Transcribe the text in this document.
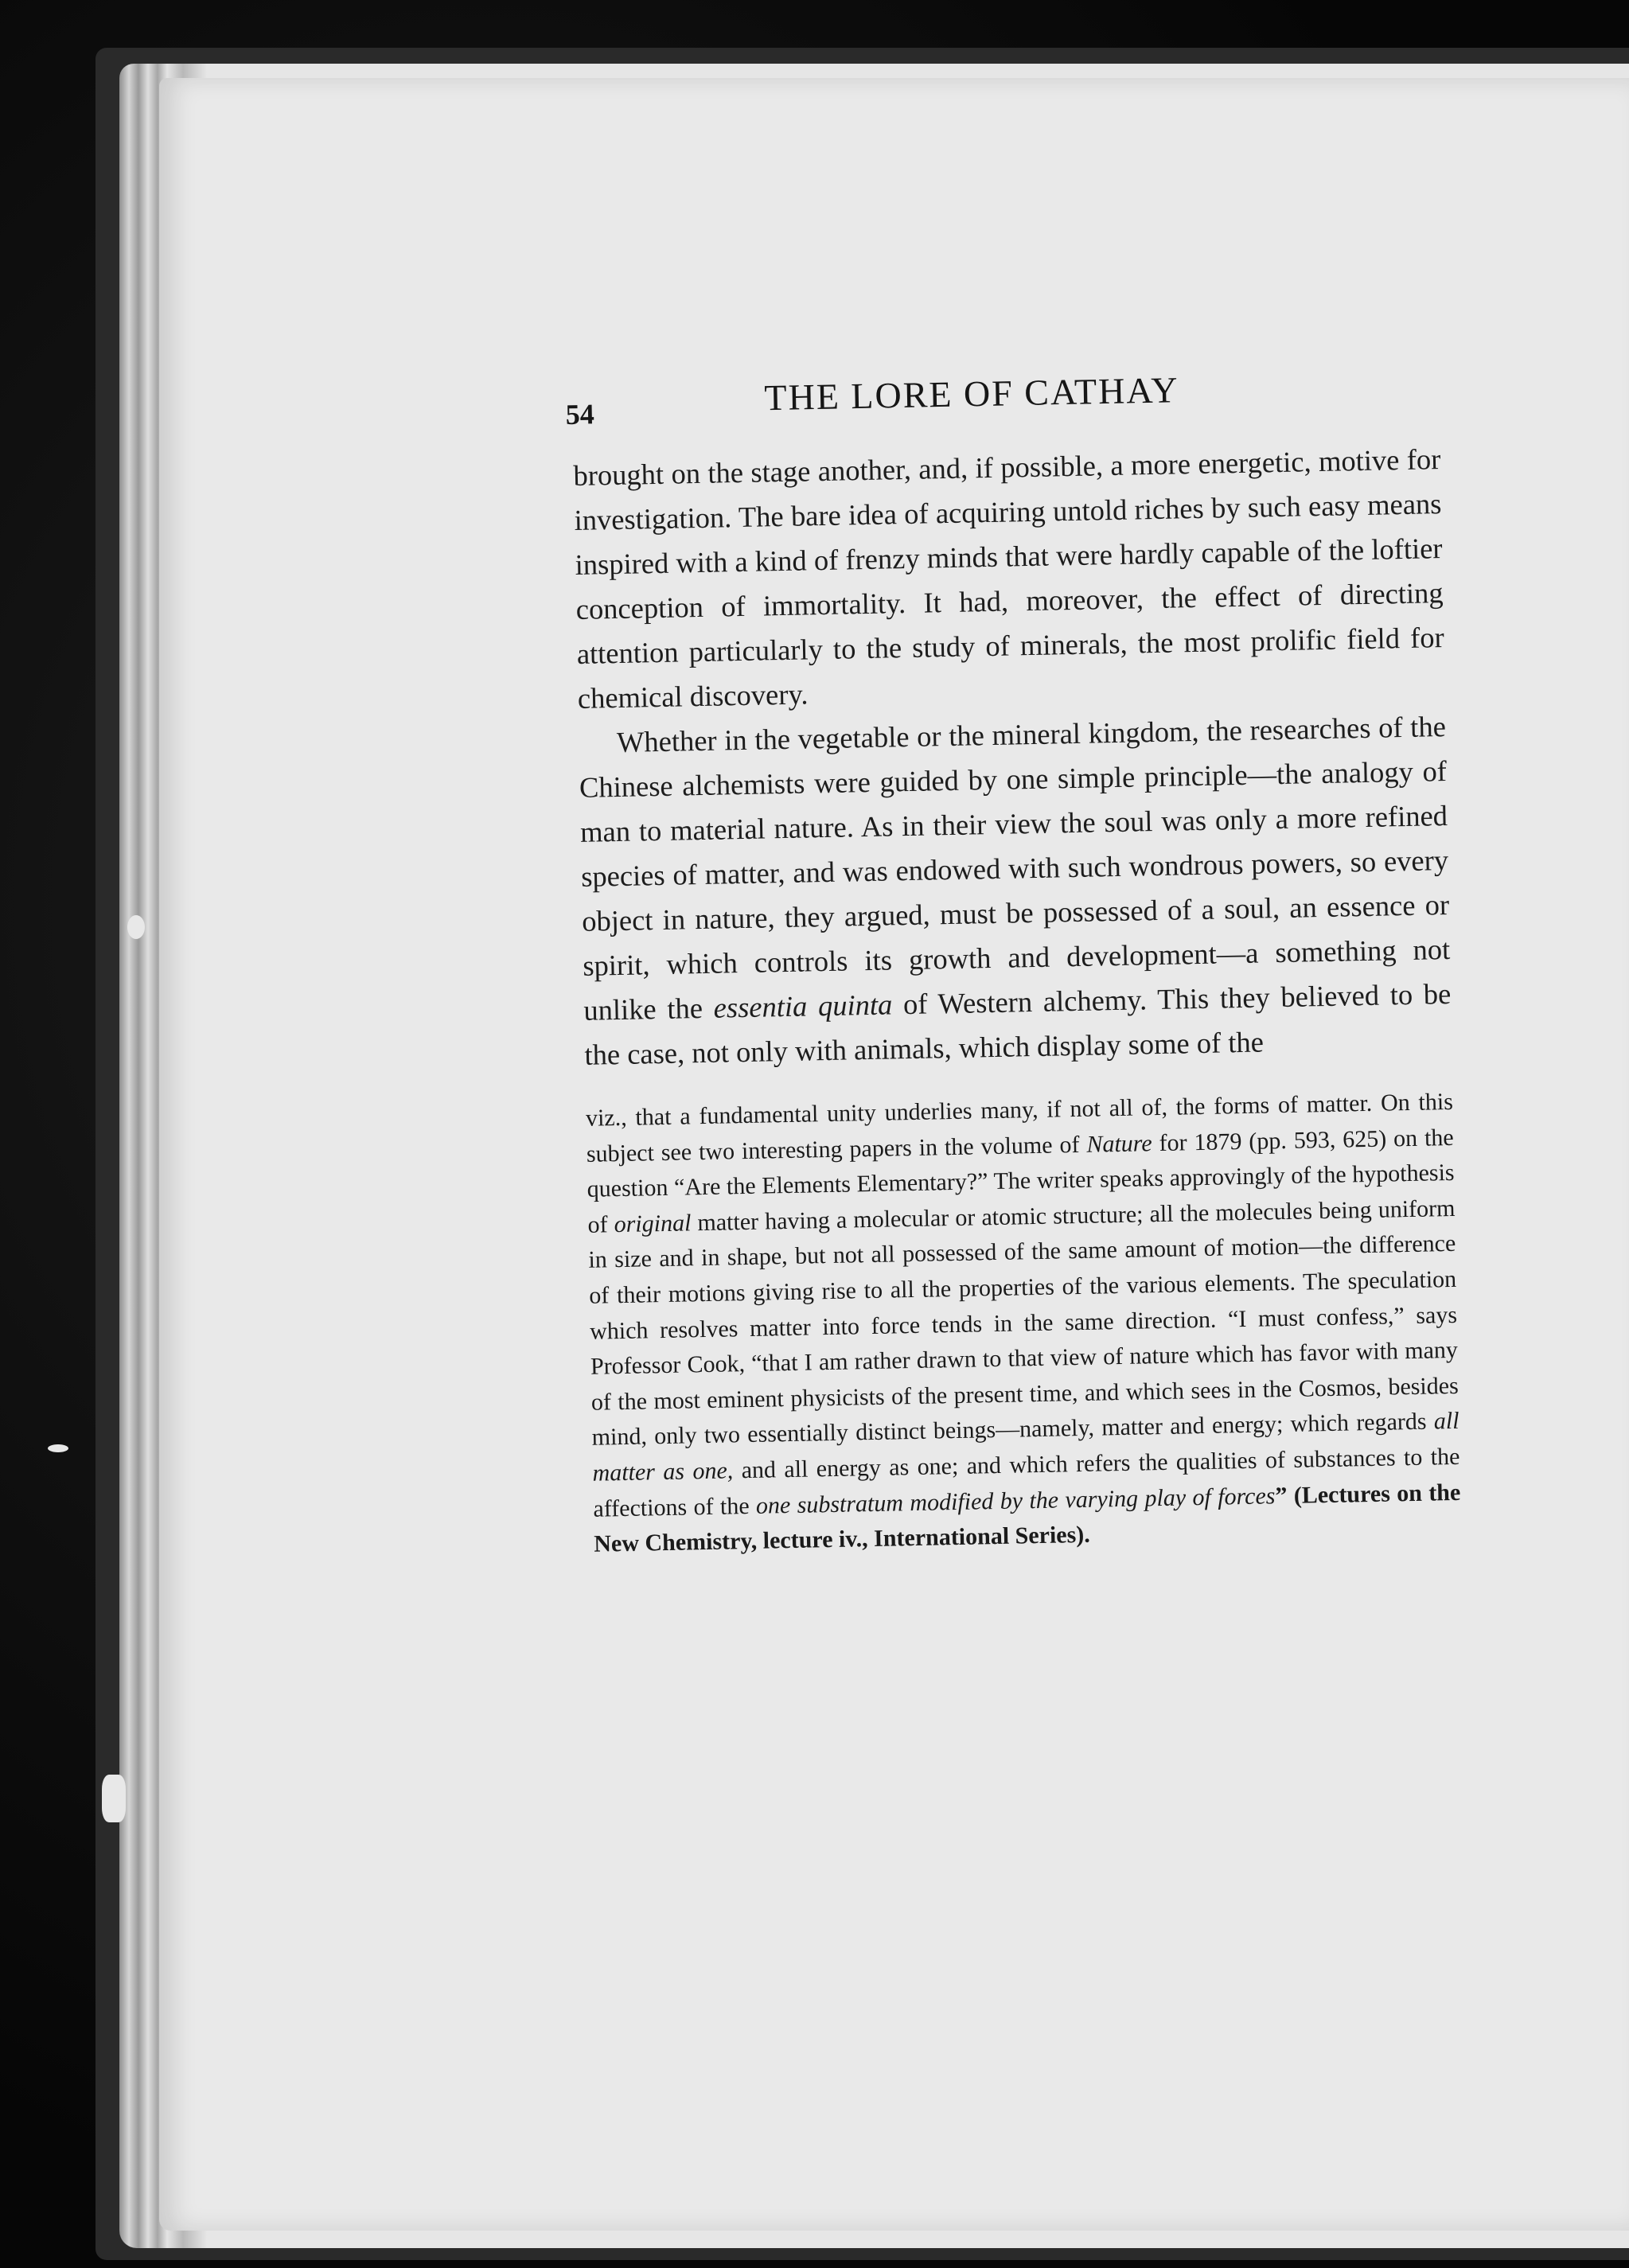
54	THE LORE OF CATHAY

brought on the stage another, and, if possible, a more energetic, motive for investigation. The bare idea of acquiring untold riches by such easy means inspired with a kind of frenzy minds that were hardly capable of the loftier conception of immortality. It had, moreover, the effect of directing attention particularly to the study of minerals, the most prolific field for chemical discovery.

Whether in the vegetable or the mineral kingdom, the researches of the Chinese alchemists were guided by one simple principle—the analogy of man to material nature. As in their view the soul was only a more refined species of matter, and was endowed with such wondrous powers, so every object in nature, they argued, must be possessed of a soul, an essence or spirit, which controls its growth and development—a something not unlike the essentia quinta of Western alchemy. This they believed to be the case, not only with animals, which display some of the

viz., that a fundamental unity underlies many, if not all of, the forms of matter. On this subject see two interesting papers in the volume of Nature for 1879 (pp. 593, 625) on the question “Are the Elements Elementary?” The writer speaks approvingly of the hypothesis of original matter having a molecular or atomic structure; all the molecules being uniform in size and in shape, but not all possessed of the same amount of motion—the difference of their motions giving rise to all the properties of the various elements. The speculation which resolves matter into force tends in the same direction. “I must confess,” says Professor Cook, “that I am rather drawn to that view of nature which has favor with many of the most eminent physicists of the present time, and which sees in the Cosmos, besides mind, only two essentially distinct beings—namely, matter and energy; which regards all matter as one, and all energy as one; and which refers the qualities of substances to the affections of the one substratum modified by the varying play of forces” (Lectures on the New Chemistry, lecture iv., International Series).
